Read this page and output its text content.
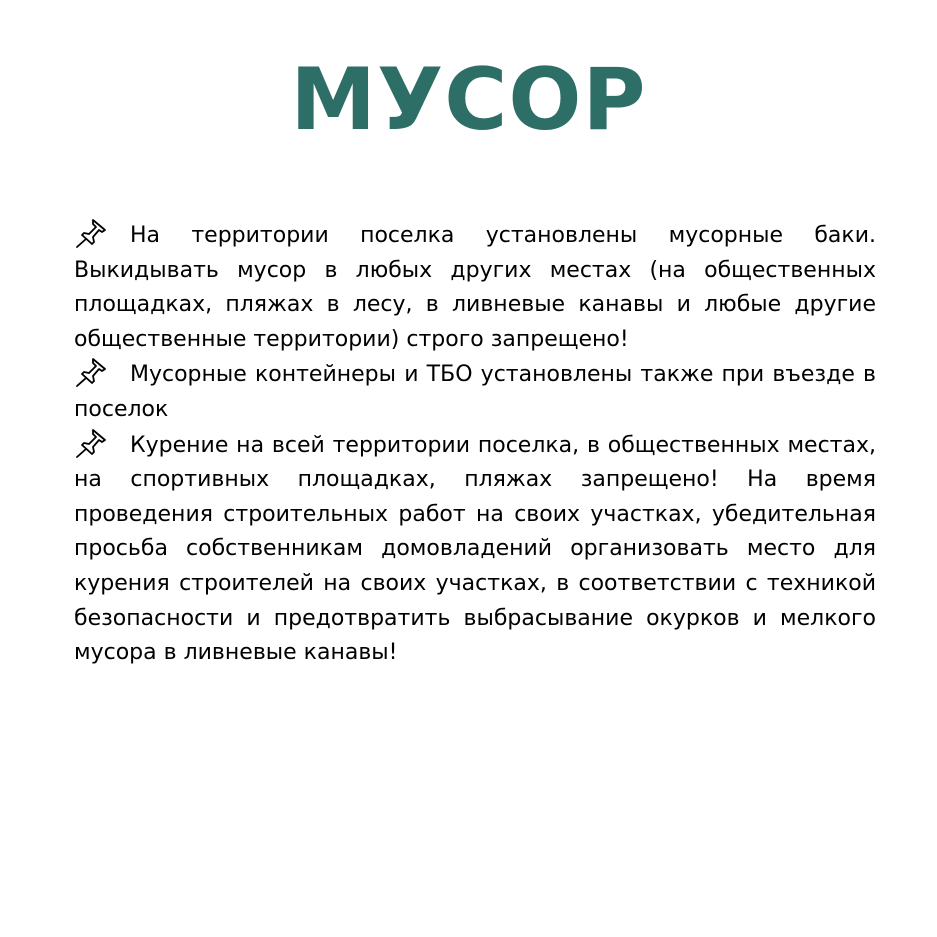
МУСОР

На территории поселка установлены мусорные баки. Выкидывать мусор в любых других местах (на общественных площадках, пляжах в лесу, в ливневые канавы и любые другие общественные территории) строго запрещено!

Мусорные контейнеры и ТБО установлены также при въезде в поселок

Курение на всей территории поселка, в общественных местах, на спортивных площадках, пляжах запрещено! На время проведения строительных работ на своих участках, убедительная просьба собственникам домовладений организовать место для курения строителей на своих участках, в соответствии с техникой безопасности и предотвратить выбрасывание окурков и мелкого мусора в ливневые канавы!
